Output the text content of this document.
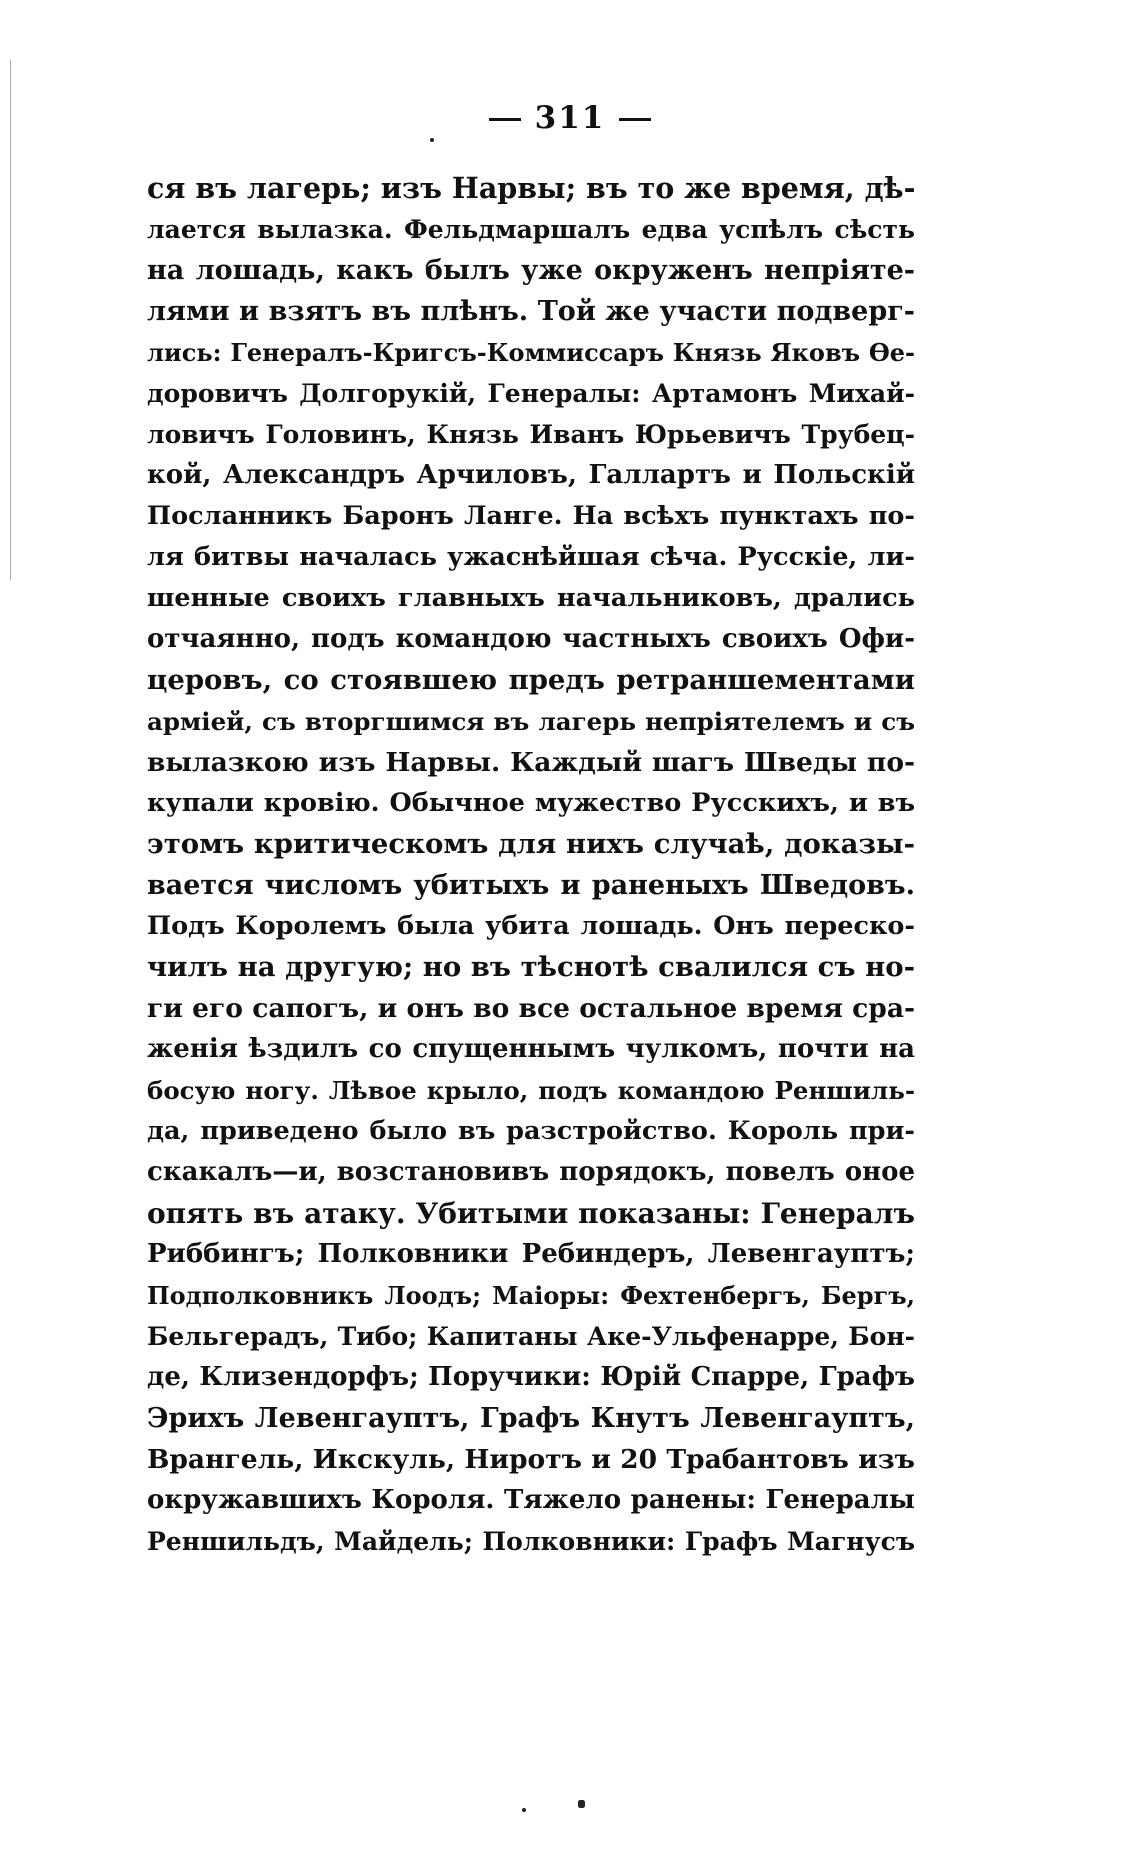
311
ся въ лагерь; изъ Нарвы; въ то же время, дѣ-
лается вылазка. Фельдмаршалъ едва успѣлъ сѣсть
на лошадь, какъ былъ уже окруженъ непріяте-
лями и взятъ въ плѣнъ. Той же участи подверг-
лись: Генералъ-Кригсъ-Коммиссаръ Князь Яковъ Ѳе-
доровичъ Долгорукій, Генералы: Артамонъ Михай-
ловичъ Головинъ, Князь Иванъ Юрьевичъ Трубец-
кой, Александръ Арчиловъ, Галлартъ и Польскій
Посланникъ Баронъ Ланге. На всѣхъ пунктахъ по-
ля битвы началась ужаснѣйшая сѣча. Русскіе, ли-
шенные своихъ главныхъ начальниковъ, дрались
отчаянно, подъ командою частныхъ своихъ Офи-
церовъ, со стоявшею предъ ретраншементами
арміей, съ вторгшимся въ лагерь непріятелемъ и съ
вылазкою изъ Нарвы. Каждый шагъ Шведы по-
купали кровію. Обычное мужество Русскихъ, и въ
этомъ критическомъ для нихъ случаѣ, доказы-
вается числомъ убитыхъ и раненыхъ Шведовъ.
Подъ Королемъ была убита лошадь. Онъ переско-
чилъ на другую; но въ тѣснотѣ свалился съ но-
ги его сапогъ, и онъ во все остальное время сра-
женія ѣздилъ со спущеннымъ чулкомъ, почти на
босую ногу. Лѣвое крыло, подъ командою Реншиль-
да, приведено было въ разстройство. Король при-
скакалъ—и, возстановивъ порядокъ, повелъ оное
опять въ атаку. Убитыми показаны: Генералъ
Риббингъ; Полковники Ребиндеръ, Левенгауптъ;
Подполковникъ Лоодъ; Маіоры: Фехтенбергъ, Бергъ,
Бельгерадъ, Тибо; Капитаны Аке-Ульфенарре, Бон-
де, Клизендорфъ; Поручики: Юрій Спарре, Графъ
Эрихъ Левенгауптъ, Графъ Кнутъ Левенгауптъ,
Врангель, Икскуль, Ниротъ и 20 Трабантовъ изъ
окружавшихъ Короля. Тяжело ранены: Генералы
Реншильдъ, Майдель; Полковники: Графъ Магнусъ
